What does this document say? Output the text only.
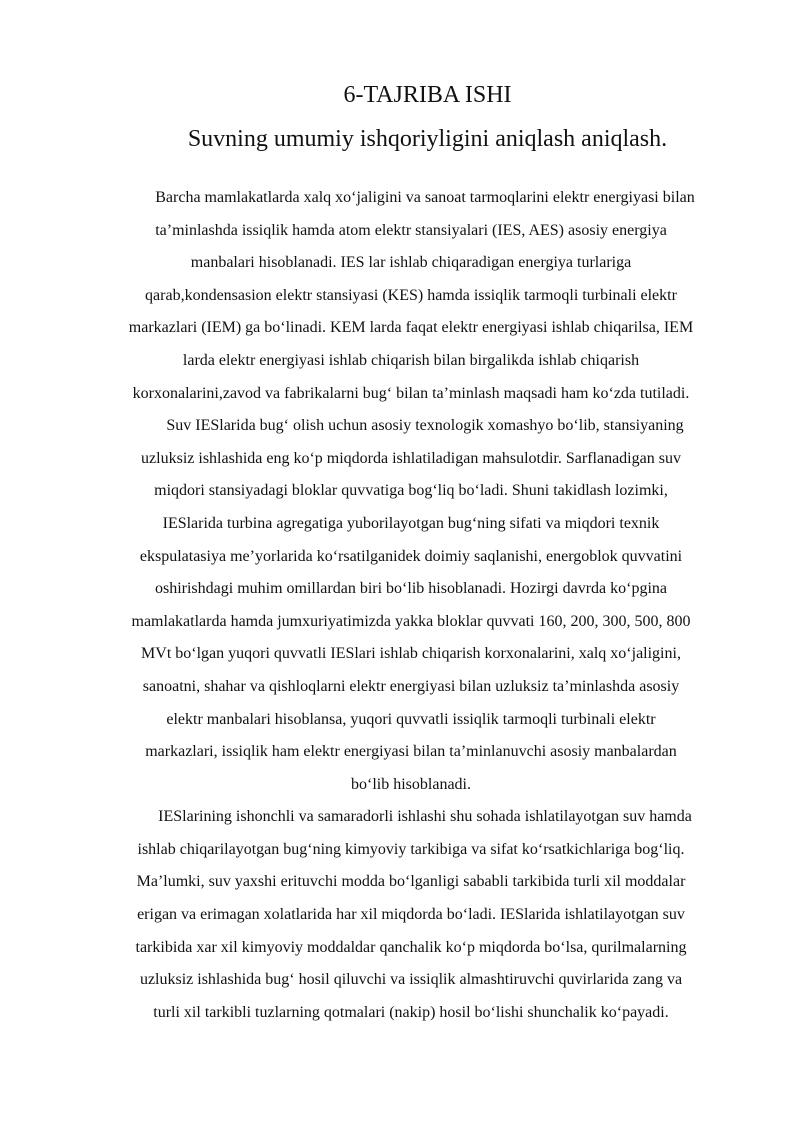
6-TAJRIBA ISHI
Suvning umumiy ishqoriyligini aniqlash aniqlash.

Barcha mamlakatlarda xalq xo‘jaligini va sanoat tarmoqlarini elektr energiyasi bilan

ta’minlashda issiqlik hamda atom elektr stansiyalari (IES, AES) asosiy energiya

manbalari hisoblanadi. IES lar ishlab chiqaradigan energiya turlariga

qarab,kondensasion elektr stansiyasi (KES) hamda issiqlik tarmoqli turbinali elektr

markazlari (IEM) ga bo‘linadi. KEM larda faqat elektr energiyasi ishlab chiqarilsa, IEM

larda elektr energiyasi ishlab chiqarish bilan birgalikda ishlab chiqarish

korxonalarini,zavod va fabrikalarni bug‘ bilan ta’minlash maqsadi ham ko‘zda tutiladi.

Suv IESlarida bug‘ olish uchun asosiy texnologik xomashyo bo‘lib, stansiyaning

uzluksiz ishlashida eng ko‘p miqdorda ishlatiladigan mahsulotdir. Sarflanadigan suv

miqdori stansiyadagi bloklar quvvatiga bog‘liq bo‘ladi. Shuni takidlash lozimki,

IESlarida turbina agregatiga yuborilayotgan bug‘ning sifati va miqdori texnik

ekspulatasiya me’yorlarida ko‘rsatilganidek doimiy saqlanishi, energoblok quvvatini

oshirishdagi muhim omillardan biri bo‘lib hisoblanadi. Hozirgi davrda ko‘pgina

mamlakatlarda hamda jumxuriyatimizda yakka bloklar quvvati 160, 200, 300, 500, 800

MVt bo‘lgan yuqori quvvatli IESlari ishlab chiqarish korxonalarini, xalq xo‘jaligini,

sanoatni, shahar va qishloqlarni elektr energiyasi bilan uzluksiz ta’minlashda asosiy

elektr manbalari hisoblansa, yuqori quvvatli issiqlik tarmoqli turbinali elektr

markazlari, issiqlik ham elektr energiyasi bilan ta’minlanuvchi asosiy manbalardan

bo‘lib hisoblanadi.

IESlarining ishonchli va samaradorli ishlashi shu sohada ishlatilayotgan suv hamda

ishlab chiqarilayotgan bug‘ning kimyoviy tarkibiga va sifat ko‘rsatkichlariga bog‘liq.

Ma’lumki, suv yaxshi erituvchi modda bo‘lganligi sababli tarkibida turli xil moddalar

erigan va erimagan xolatlarida har xil miqdorda bo‘ladi. IESlarida ishlatilayotgan suv

tarkibida xar xil kimyoviy moddaldar qanchalik ko‘p miqdorda bo‘lsa, qurilmalarning

uzluksiz ishlashida bug‘ hosil qiluvchi va issiqlik almashtiruvchi quvirlarida zang va

turli xil tarkibli tuzlarning qotmalari (nakip) hosil bo‘lishi shunchalik ko‘payadi.
